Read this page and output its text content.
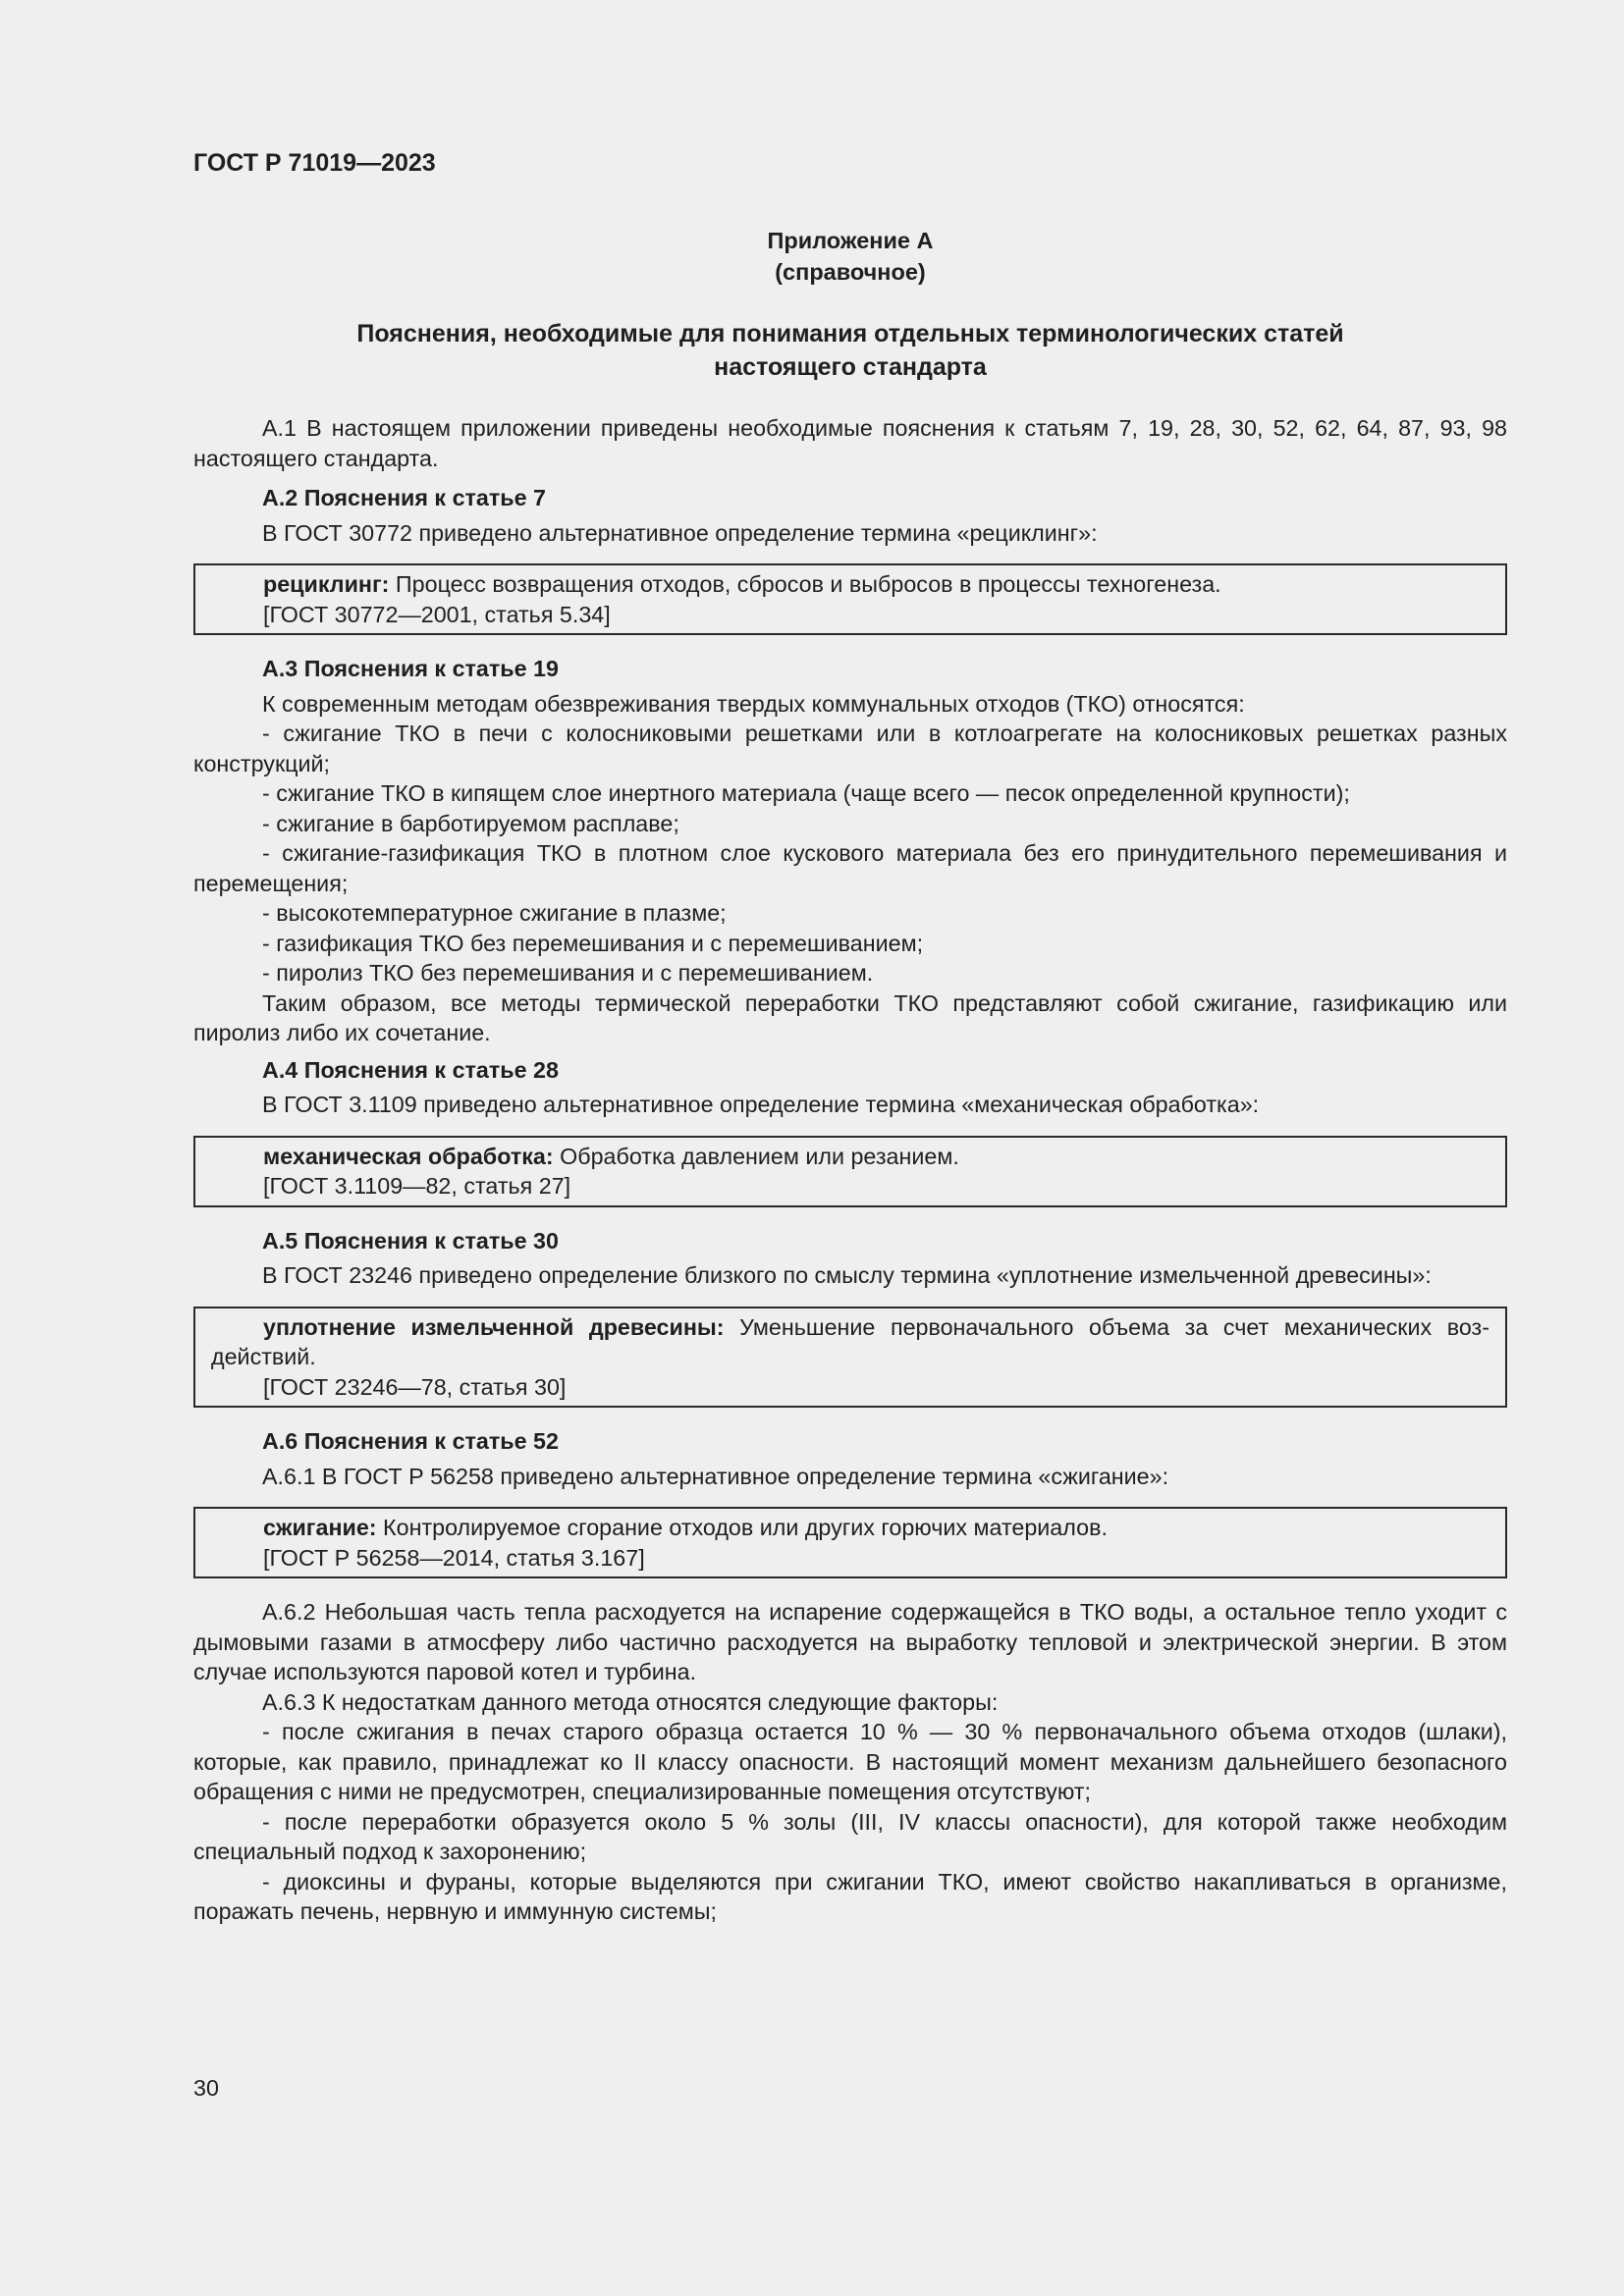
ГОСТ Р 71019—2023
Приложение А
(справочное)
Пояснения, необходимые для понимания отдельных терминологических статей
настоящего стандарта

А.1 В настоящем приложении приведены необходимые пояснения к статьям 7, 19, 28, 30, 52, 62, 64, 87, 93, 98 настоящего стандарта.

А.2 Пояснения к статье 7

В ГОСТ 30772 приведено альтернативное определение термина «рециклинг»:

рециклинг: Процесс возвращения отходов, сбросов и выбросов в процессы техногенеза.

[ГОСТ 30772—2001, статья 5.34]

А.3 Пояснения к статье 19

К современным методам обезвреживания твердых коммунальных отходов (ТКО) относятся:

- сжигание ТКО в печи с колосниковыми решетками или в котлоагрегате на колосниковых решетках разных конструкций;

- сжигание ТКО в кипящем слое инертного материала (чаще всего — песок определенной крупности);

- сжигание в барботируемом расплаве;

- сжигание-газификация ТКО в плотном слое кускового материала без его принудительного перемешивания и перемещения;

- высокотемпературное сжигание в плазме;

- газификация ТКО без перемешивания и с перемешиванием;

- пиролиз ТКО без перемешивания и с перемешиванием.

Таким образом, все методы термической переработки ТКО представляют собой сжигание, газификацию или пиролиз либо их сочетание.

А.4 Пояснения к статье 28

В ГОСТ 3.1109 приведено альтернативное определение термина «механическая обработка»:

механическая обработка: Обработка давлением или резанием.

[ГОСТ 3.1109—82, статья 27]

А.5 Пояснения к статье 30

В ГОСТ 23246 приведено определение близкого по смыслу термина «уплотнение измельченной древесины»:

уплотнение измельченной древесины: Уменьшение первоначального объема за счет механических воздействий.

[ГОСТ 23246—78, статья 30]

А.6 Пояснения к статье 52

А.6.1 В ГОСТ Р 56258 приведено альтернативное определение термина «сжигание»:

сжигание: Контролируемое сгорание отходов или других горючих материалов.

[ГОСТ Р 56258—2014, статья 3.167]

А.6.2 Небольшая часть тепла расходуется на испарение содержащейся в ТКО воды, а остальное тепло уходит с дымовыми газами в атмосферу либо частично расходуется на выработку тепловой и электрической энергии. В этом случае используются паровой котел и турбина.

А.6.3 К недостаткам данного метода относятся следующие факторы:

- после сжигания в печах старого образца остается 10 % — 30 % первоначального объема отходов (шлаки), которые, как правило, принадлежат ко II классу опасности. В настоящий момент механизм дальнейшего безопасного обращения с ними не предусмотрен, специализированные помещения отсутствуют;

- после переработки образуется около 5 % золы (III, IV классы опасности), для которой также необходим специальный подход к захоронению;

- диоксины и фураны, которые выделяются при сжигании ТКО, имеют свойство накапливаться в организме, поражать печень, нервную и иммунную системы;

30
